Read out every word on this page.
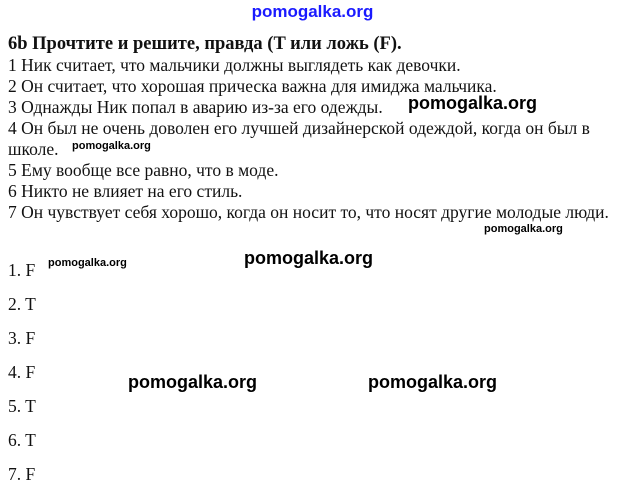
pomogalka.org

6b Прочтите и решите, правда (T или ложь (F).

1 Ник считает, что мальчики должны выглядеть как девочки.

2 Он считает, что хорошая прическа важна для имиджа мальчика.

3 Однажды Ник попал в аварию из-за его одежды.

4 Он был не очень доволен его лучшей дизайнерской одеждой, когда он был в школе.

5 Ему вообще все равно, что в моде.

6 Никто не влияет на его стиль.

7 Он чувствует себя хорошо, когда он носит то, что носят другие молодые люди.

1. F
2. T
3. F
4. F
5. T
6. T
7. F
pomogalka.org
pomogalka.org
pomogalka.org
pomogalka.org	pomogalka.org
pomogalka.org	pomogalka.org
